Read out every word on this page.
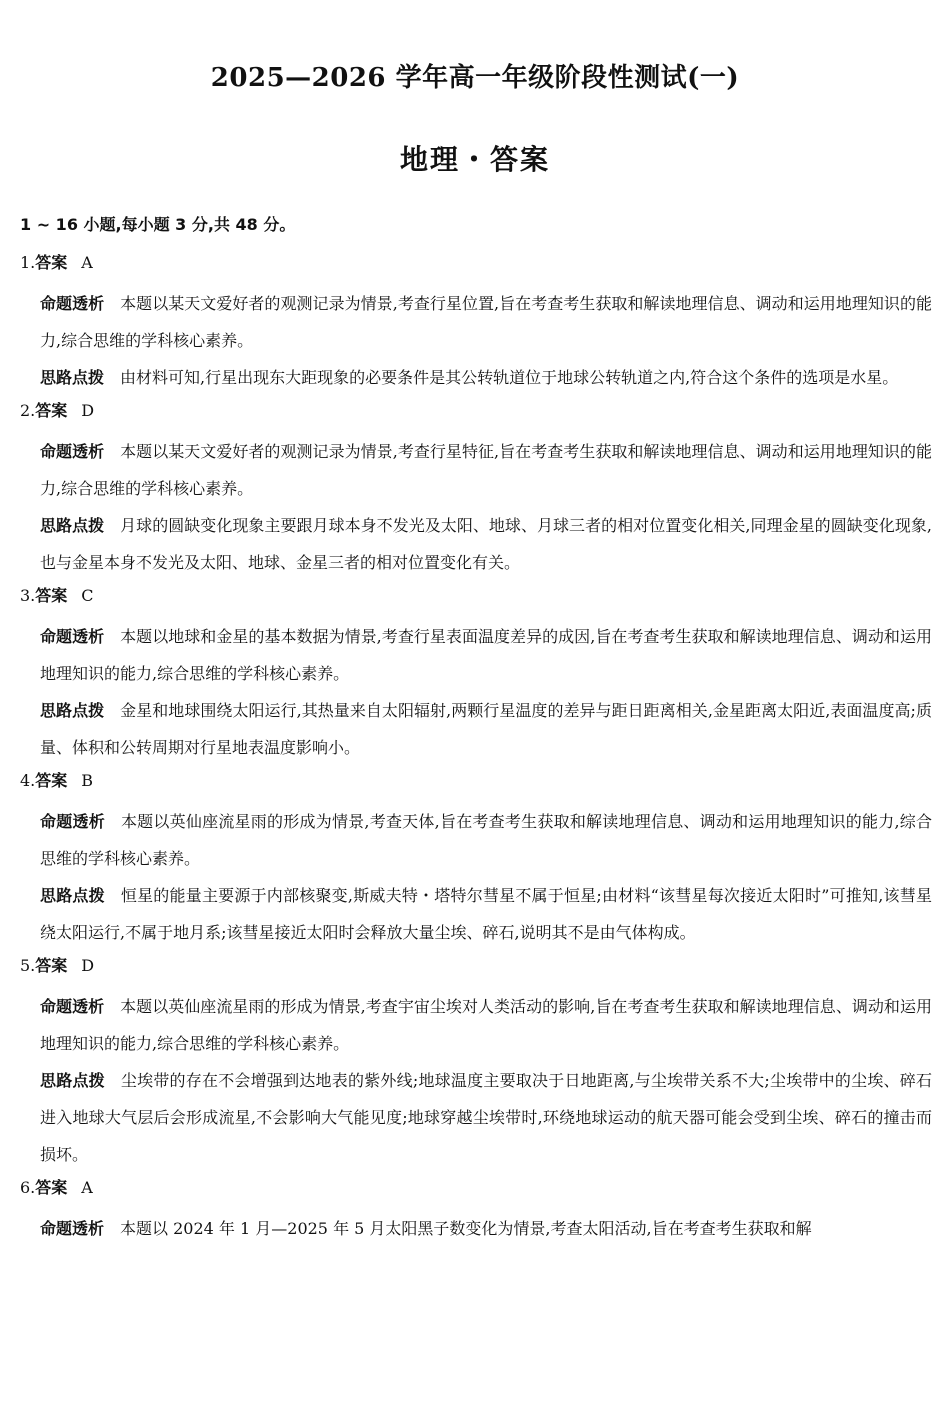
2025—2026 学年高一年级阶段性测试(一)
地理・答案
1 ~ 16 小题,每小题 3 分,共 48 分。
1.答案 A
命题透析 本题以某天文爱好者的观测记录为情景,考查行星位置,旨在考查考生获取和解读地理信息、调动和运用地理知识的能力,综合思维的学科核心素养。
思路点拨 由材料可知,行星出现东大距现象的必要条件是其公转轨道位于地球公转轨道之内,符合这个条件的选项是水星。
2.答案 D
命题透析 本题以某天文爱好者的观测记录为情景,考查行星特征,旨在考查考生获取和解读地理信息、调动和运用地理知识的能力,综合思维的学科核心素养。
思路点拨 月球的圆缺变化现象主要跟月球本身不发光及太阳、地球、月球三者的相对位置变化相关,同理金星的圆缺变化现象,也与金星本身不发光及太阳、地球、金星三者的相对位置变化有关。
3.答案 C
命题透析 本题以地球和金星的基本数据为情景,考查行星表面温度差异的成因,旨在考查考生获取和解读地理信息、调动和运用地理知识的能力,综合思维的学科核心素养。
思路点拨 金星和地球围绕太阳运行,其热量来自太阳辐射,两颗行星温度的差异与距日距离相关,金星距离太阳近,表面温度高;质量、体积和公转周期对行星地表温度影响小。
4.答案 B
命题透析 本题以英仙座流星雨的形成为情景,考查天体,旨在考查考生获取和解读地理信息、调动和运用地理知识的能力,综合思维的学科核心素养。
思路点拨 恒星的能量主要源于内部核聚变,斯威夫特・塔特尔彗星不属于恒星;由材料“该彗星每次接近太阳时”可推知,该彗星绕太阳运行,不属于地月系;该彗星接近太阳时会释放大量尘埃、碎石,说明其不是由气体构成。
5.答案 D
命题透析 本题以英仙座流星雨的形成为情景,考查宇宙尘埃对人类活动的影响,旨在考查考生获取和解读地理信息、调动和运用地理知识的能力,综合思维的学科核心素养。
思路点拨 尘埃带的存在不会增强到达地表的紫外线;地球温度主要取决于日地距离,与尘埃带关系不大;尘埃带中的尘埃、碎石进入地球大气层后会形成流星,不会影响大气能见度;地球穿越尘埃带时,环绕地球运动的航天器可能会受到尘埃、碎石的撞击而损坏。
6.答案 A
命题透析 本题以 2024 年 1 月—2025 年 5 月太阳黑子数变化为情景,考查太阳活动,旨在考查考生获取和解
